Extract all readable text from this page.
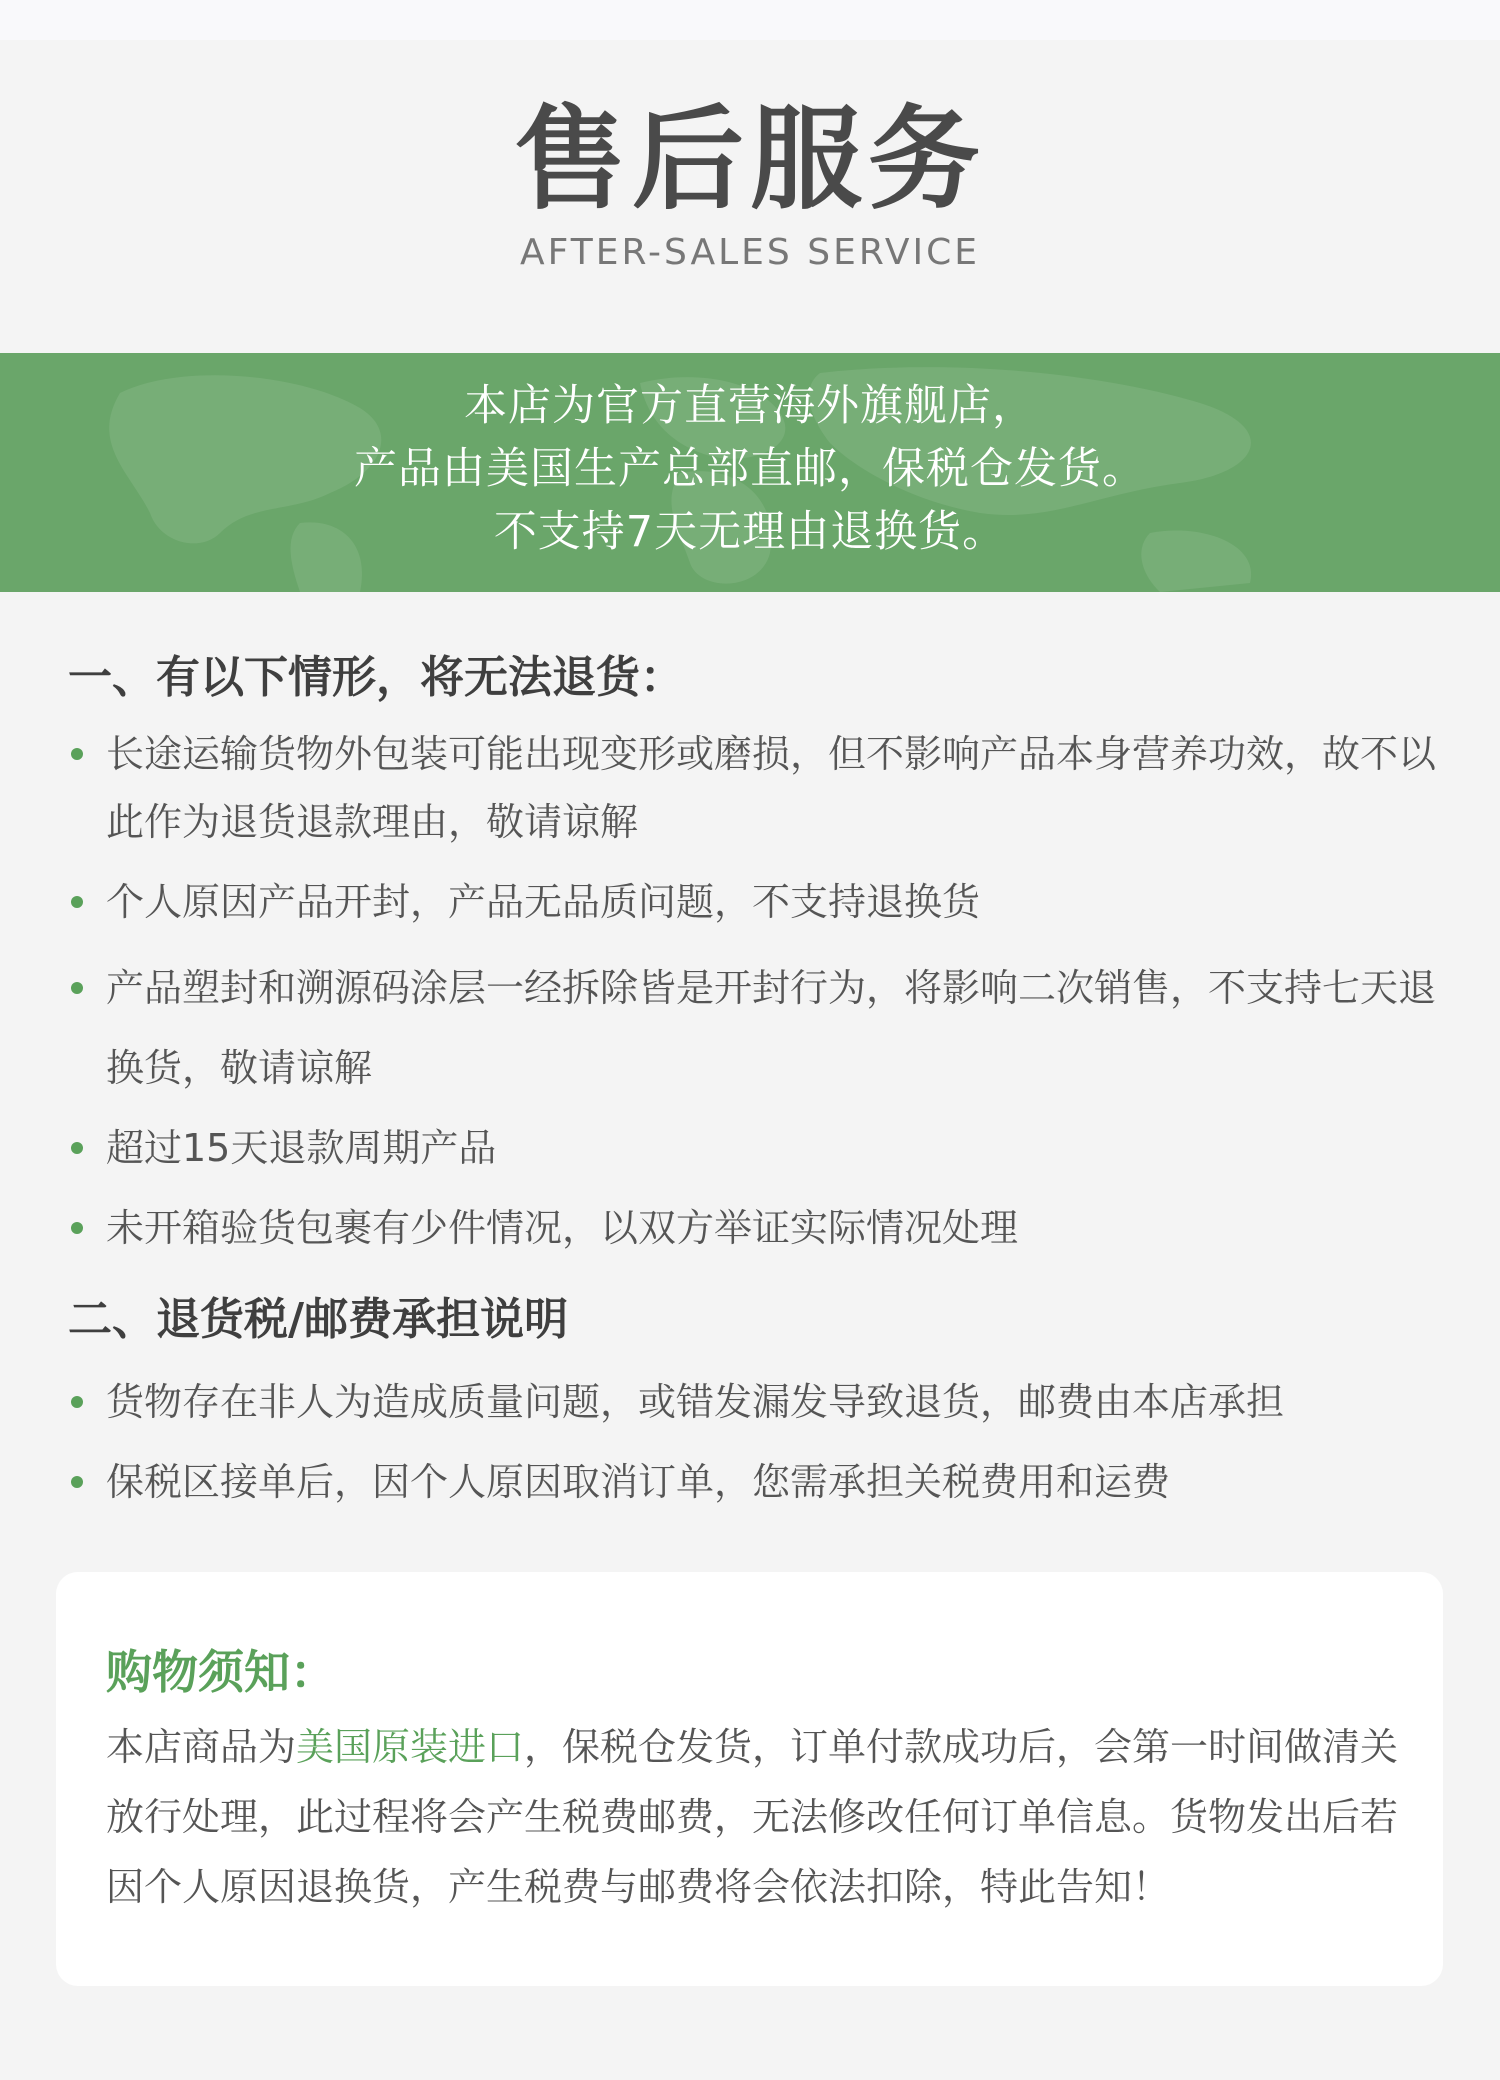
售后服务
AFTER-SALES SERVICE
本店为官方直营海外旗舰店，
产品由美国生产总部直邮，保税仓发货。
不支持7天无理由退换货。
一、有以下情形，将无法退货：
长途运输货物外包装可能出现变形或磨损，但不影响产品本身营养功效，故不以此作为退货退款理由，敬请谅解
个人原因产品开封，产品无品质问题，不支持退换货
产品塑封和溯源码涂层一经拆除皆是开封行为，将影响二次销售，不支持七天退换货，敬请谅解
超过15天退款周期产品
未开箱验货包裹有少件情况，以双方举证实际情况处理
二、退货税/邮费承担说明
货物存在非人为造成质量问题，或错发漏发导致退货，邮费由本店承担
保税区接单后，因个人原因取消订单，您需承担关税费用和运费
购物须知：
本店商品为美国原装进口，保税仓发货，订单付款成功后，会第一时间做清关放行处理，此过程将会产生税费邮费，无法修改任何订单信息。货物发出后若因个人原因退换货，产生税费与邮费将会依法扣除，特此告知！
